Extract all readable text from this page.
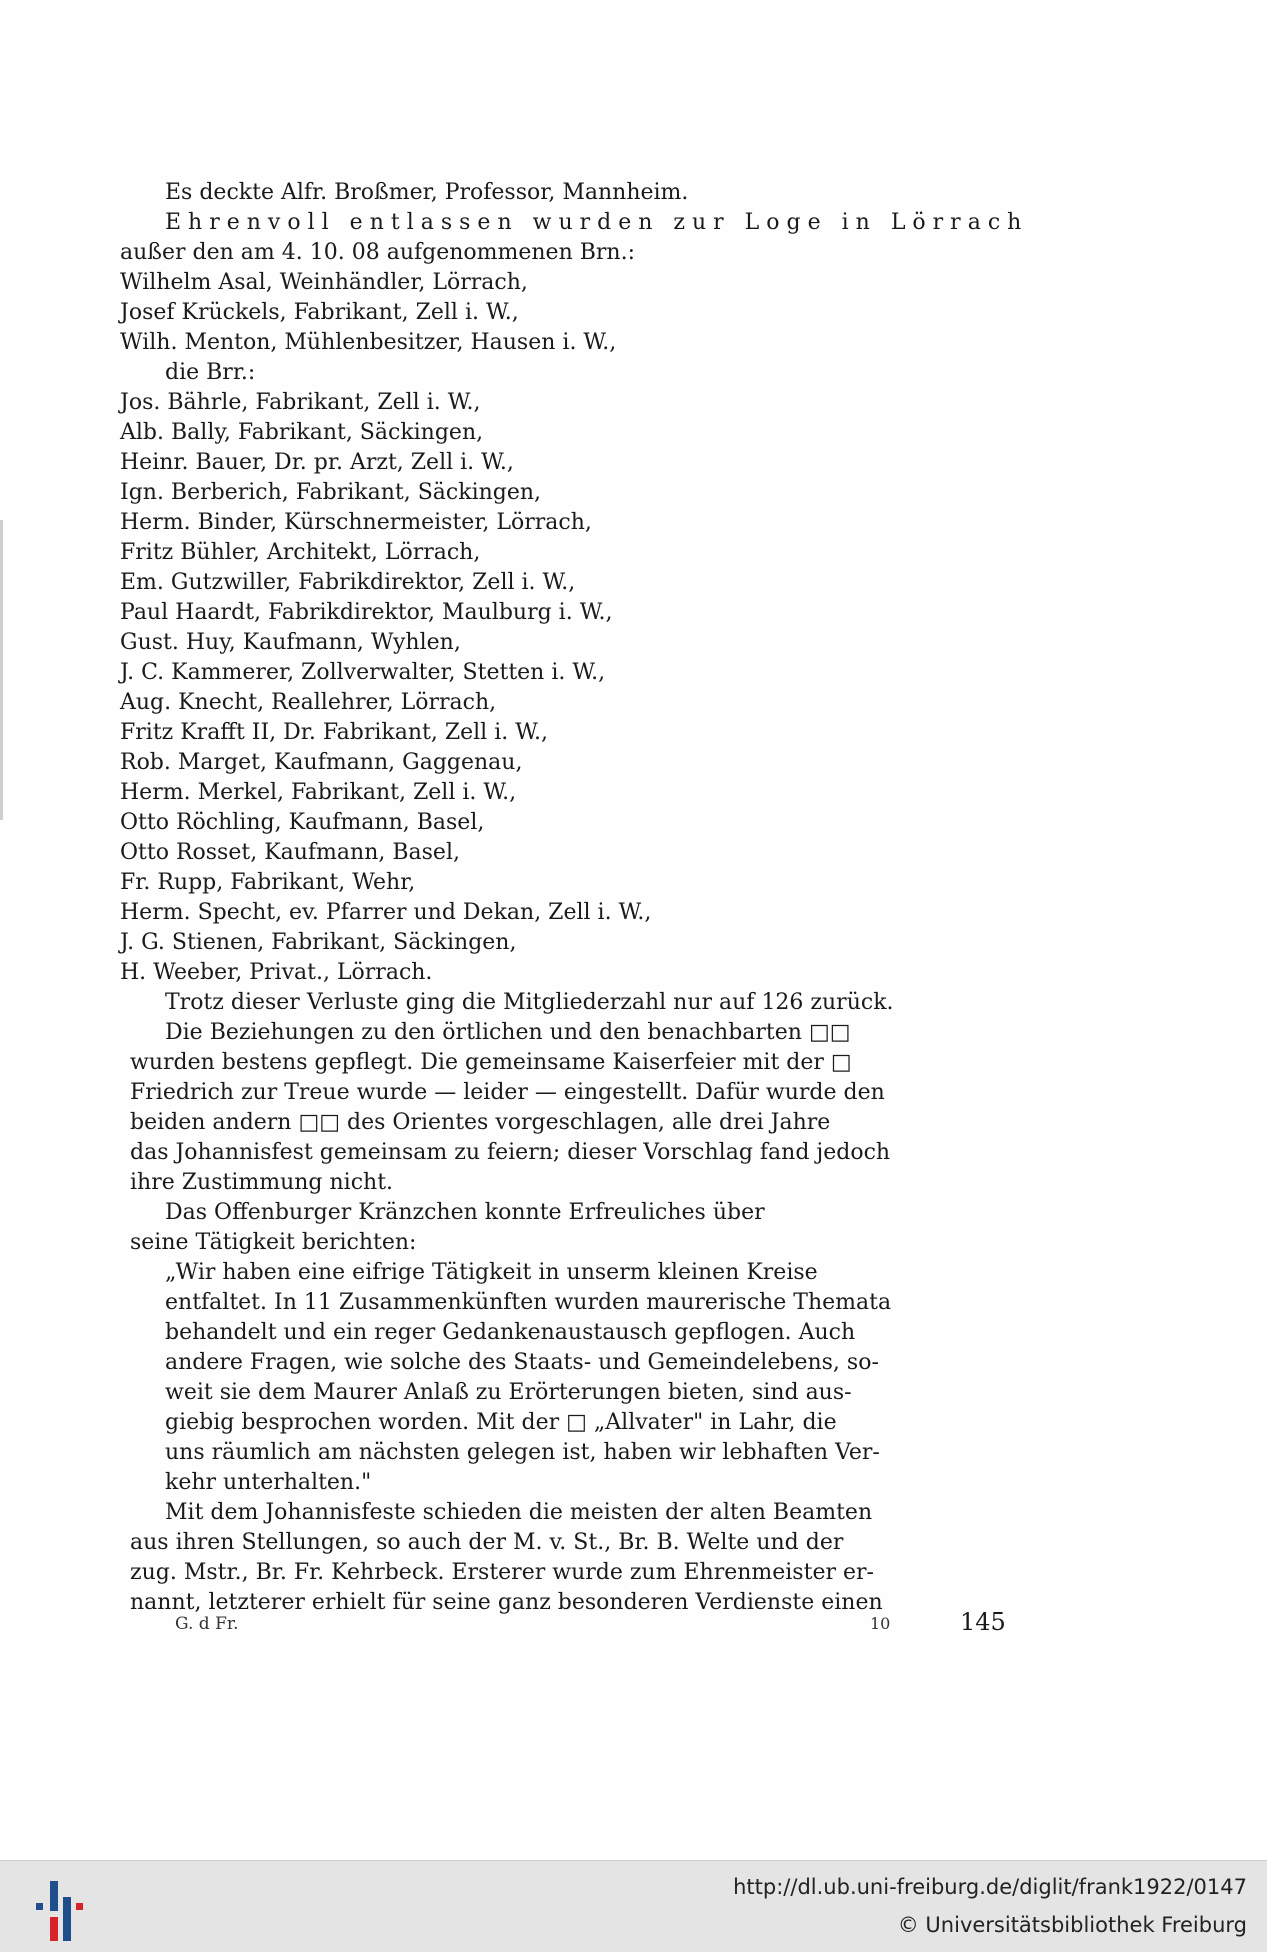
Es deckte Alfr. Broßmer, Professor, Mannheim.
Ehrenvoll entlassen wurden zur Loge in Lörrach
außer den am 4. 10. 08 aufgenommenen Brn.:
Wilhelm Asal, Weinhändler, Lörrach,
Josef Krückels, Fabrikant, Zell i. W.,
Wilh. Menton, Mühlenbesitzer, Hausen i. W.,
die Brr.:
Jos. Bährle, Fabrikant, Zell i. W.,
Alb. Bally, Fabrikant, Säckingen,
Heinr. Bauer, Dr. pr. Arzt, Zell i. W.,
Ign. Berberich, Fabrikant, Säckingen,
Herm. Binder, Kürschnermeister, Lörrach,
Fritz Bühler, Architekt, Lörrach,
Em. Gutzwiller, Fabrikdirektor, Zell i. W.,
Paul Haardt, Fabrikdirektor, Maulburg i. W.,
Gust. Huy, Kaufmann, Wyhlen,
J. C. Kammerer, Zollverwalter, Stetten i. W.,
Aug. Knecht, Reallehrer, Lörrach,
Fritz Krafft II, Dr. Fabrikant, Zell i. W.,
Rob. Marget, Kaufmann, Gaggenau,
Herm. Merkel, Fabrikant, Zell i. W.,
Otto Röchling, Kaufmann, Basel,
Otto Rosset, Kaufmann, Basel,
Fr. Rupp, Fabrikant, Wehr,
Herm. Specht, ev. Pfarrer und Dekan, Zell i. W.,
J. G. Stienen, Fabrikant, Säckingen,
H. Weeber, Privat., Lörrach.
Trotz dieser Verluste ging die Mitgliederzahl nur auf 126 zurück.
Die Beziehungen zu den örtlichen und den benachbarten □□
wurden bestens gepflegt. Die gemeinsame Kaiserfeier mit der □
Friedrich zur Treue wurde — leider — eingestellt. Dafür wurde den
beiden andern □□ des Orientes vorgeschlagen, alle drei Jahre
das Johannisfest gemeinsam zu feiern; dieser Vorschlag fand jedoch
ihre Zustimmung nicht.
Das Offenburger Kränzchen konnte Erfreuliches über
seine Tätigkeit berichten:
„Wir haben eine eifrige Tätigkeit in unserm kleinen Kreise
entfaltet. In 11 Zusammenkünften wurden maurerische Themata
behandelt und ein reger Gedankenaustausch gepflogen. Auch
andere Fragen, wie solche des Staats- und Gemeindelebens, so-
weit sie dem Maurer Anlaß zu Erörterungen bieten, sind aus-
giebig besprochen worden. Mit der □ „Allvater" in Lahr, die
uns räumlich am nächsten gelegen ist, haben wir lebhaften Ver-
kehr unterhalten."
Mit dem Johannisfeste schieden die meisten der alten Beamten
aus ihren Stellungen, so auch der M. v. St., Br. B. Welte und der
zug. Mstr., Br. Fr. Kehrbeck. Ersterer wurde zum Ehrenmeister er-
nannt, letzterer erhielt für seine ganz besonderen Verdienste einen
G. d Fr.	10	145
http://dl.ub.uni-freiburg.de/diglit/frank1922/0147
© Universitätsbibliothek Freiburg
